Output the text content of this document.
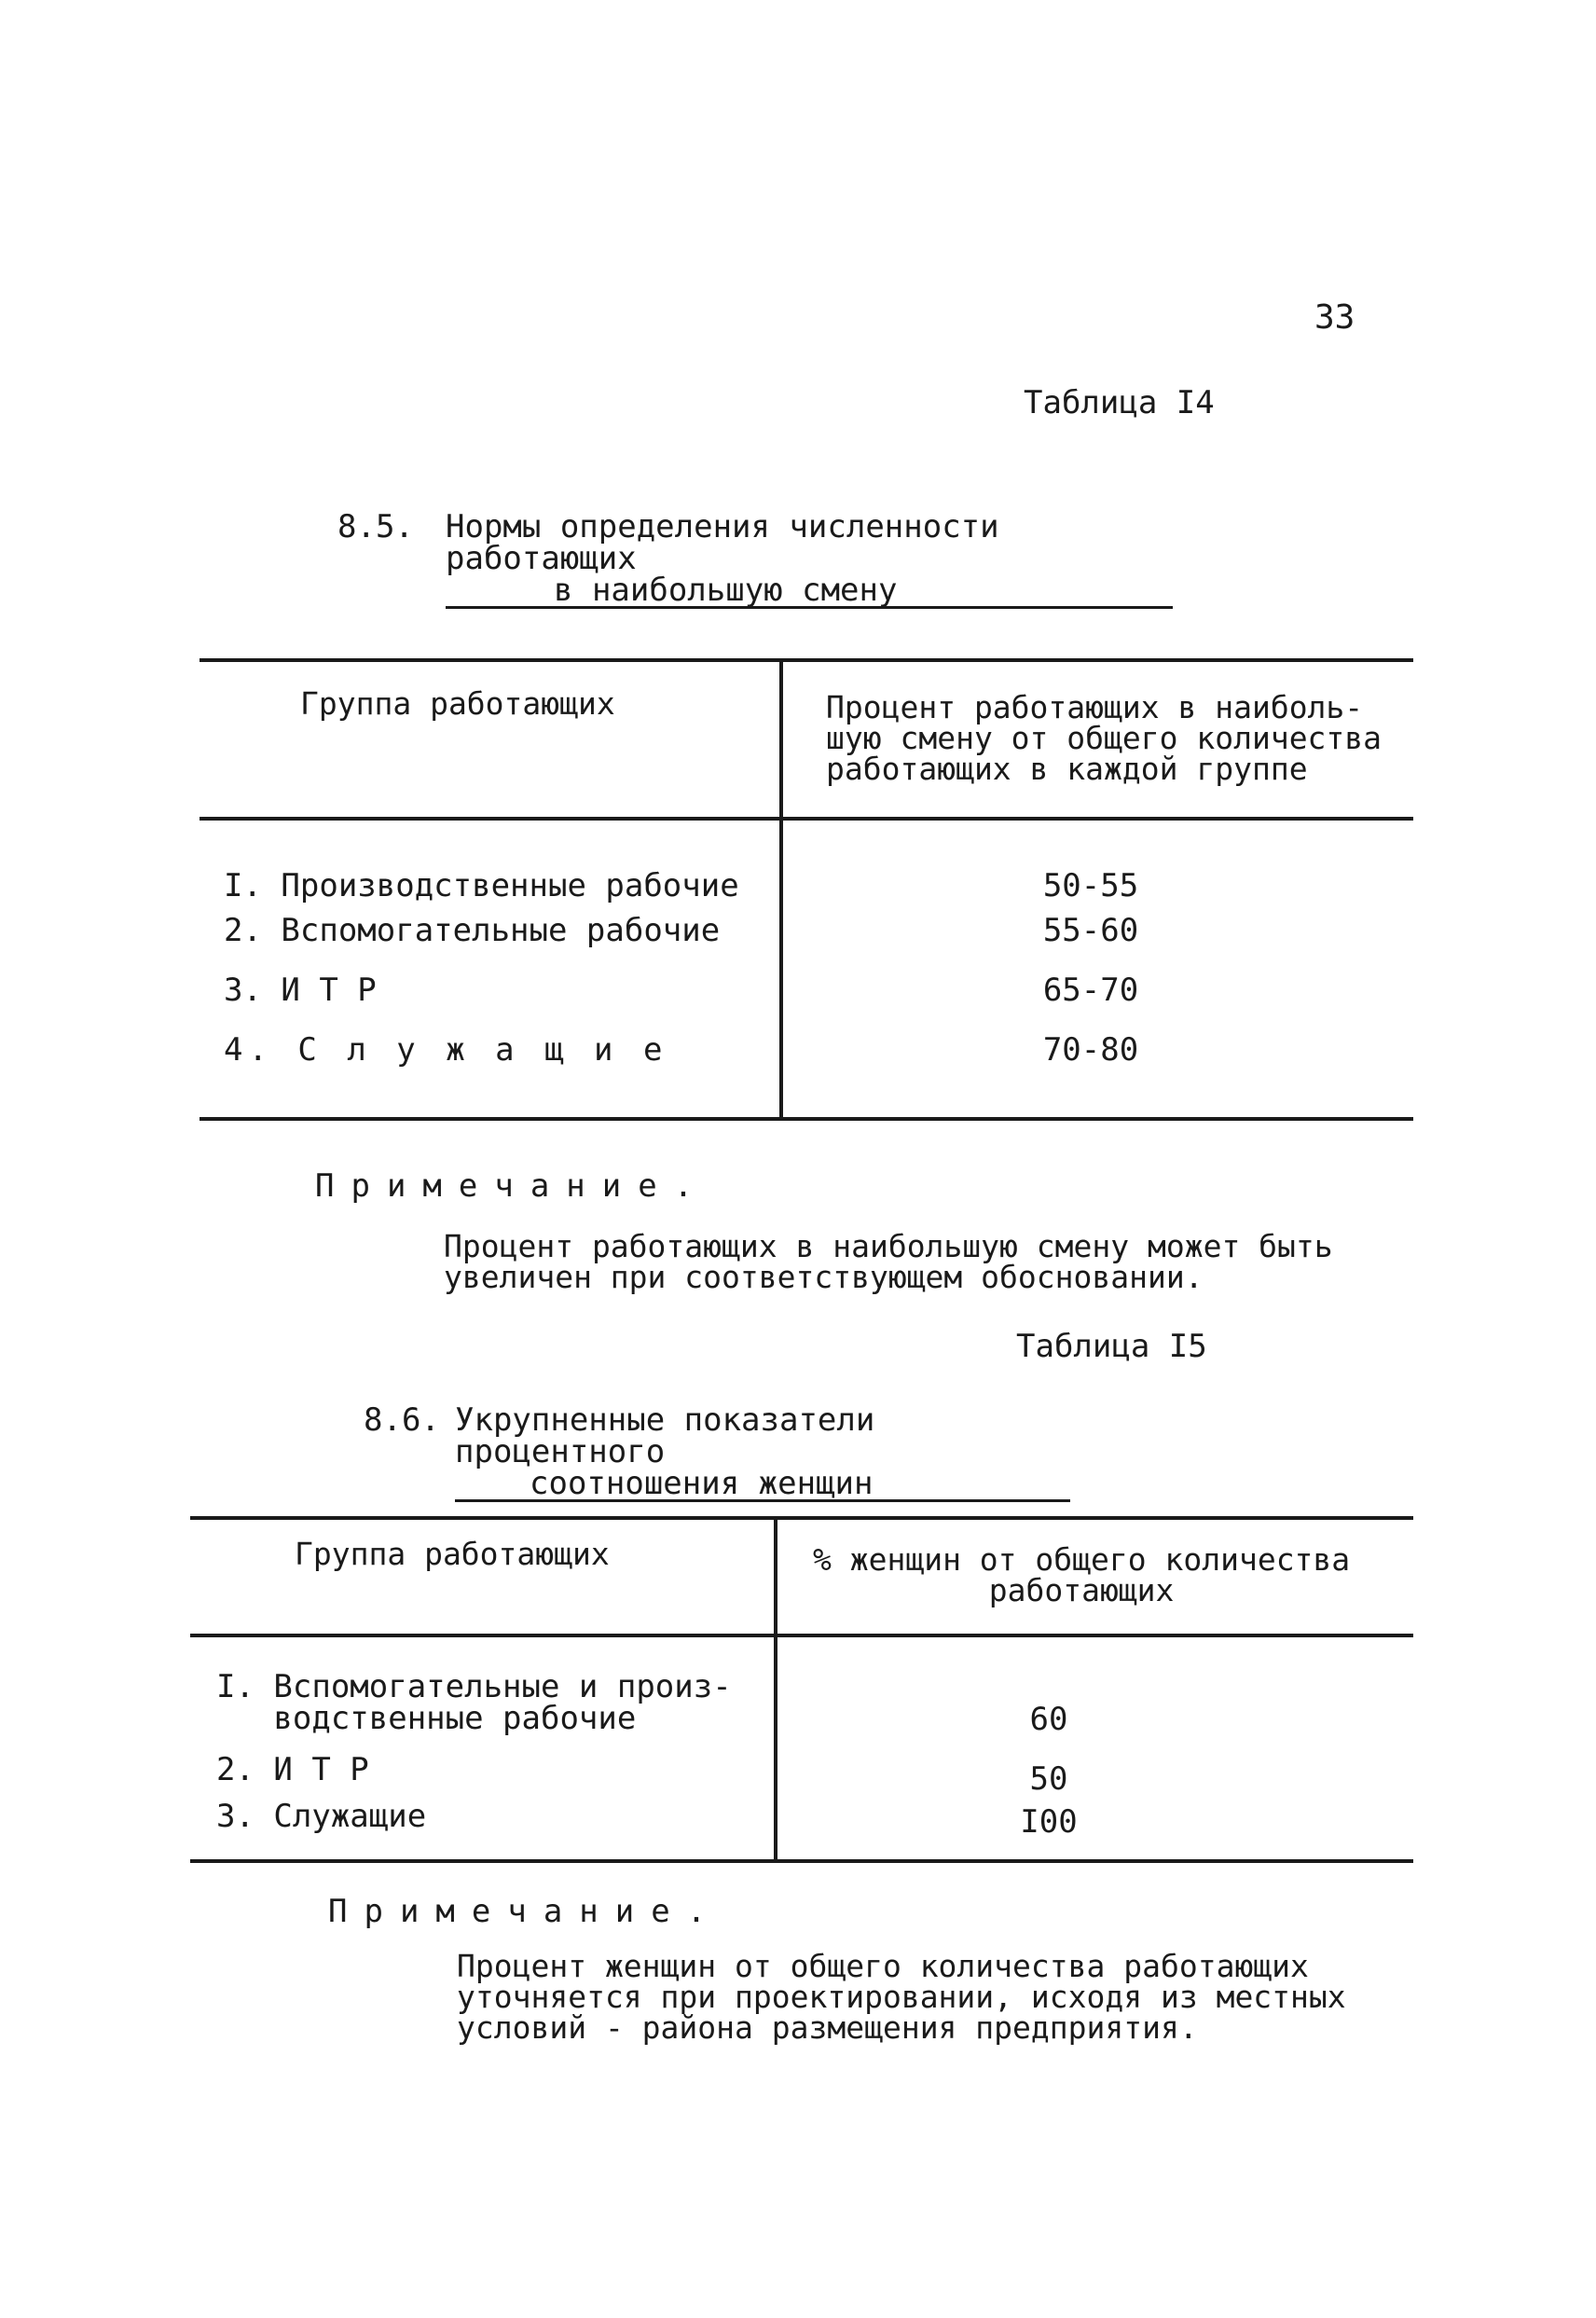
33
Таблица I4
8.5. Нормы определения численности работающих
в наибольшую смену
Группа работающих	Процент работающих в наиболь-
шую смену от общего количества
работающих в каждой группе
I. Производственные рабочие
2. Вспомогательные рабочие
3. И Т Р
4. С л у ж а щ и е
50-55
55-60
65-70
70-80
Примечание.
Процент работающих в наибольшую смену может быть
увеличен при соответствующем обосновании.
Таблица I5
8.6. Укрупненные показатели процентного
соотношения женщин
Группа работающих	% женщин от общего количества
работающих
I. Вспомогательные и произ-
водственные рабочие
2. И Т Р
3. Служащие
60
50
I00
Примечание.
Процент женщин от общего количества работающих
уточняется при проектировании, исходя из местных
условий - района размещения предприятия.
